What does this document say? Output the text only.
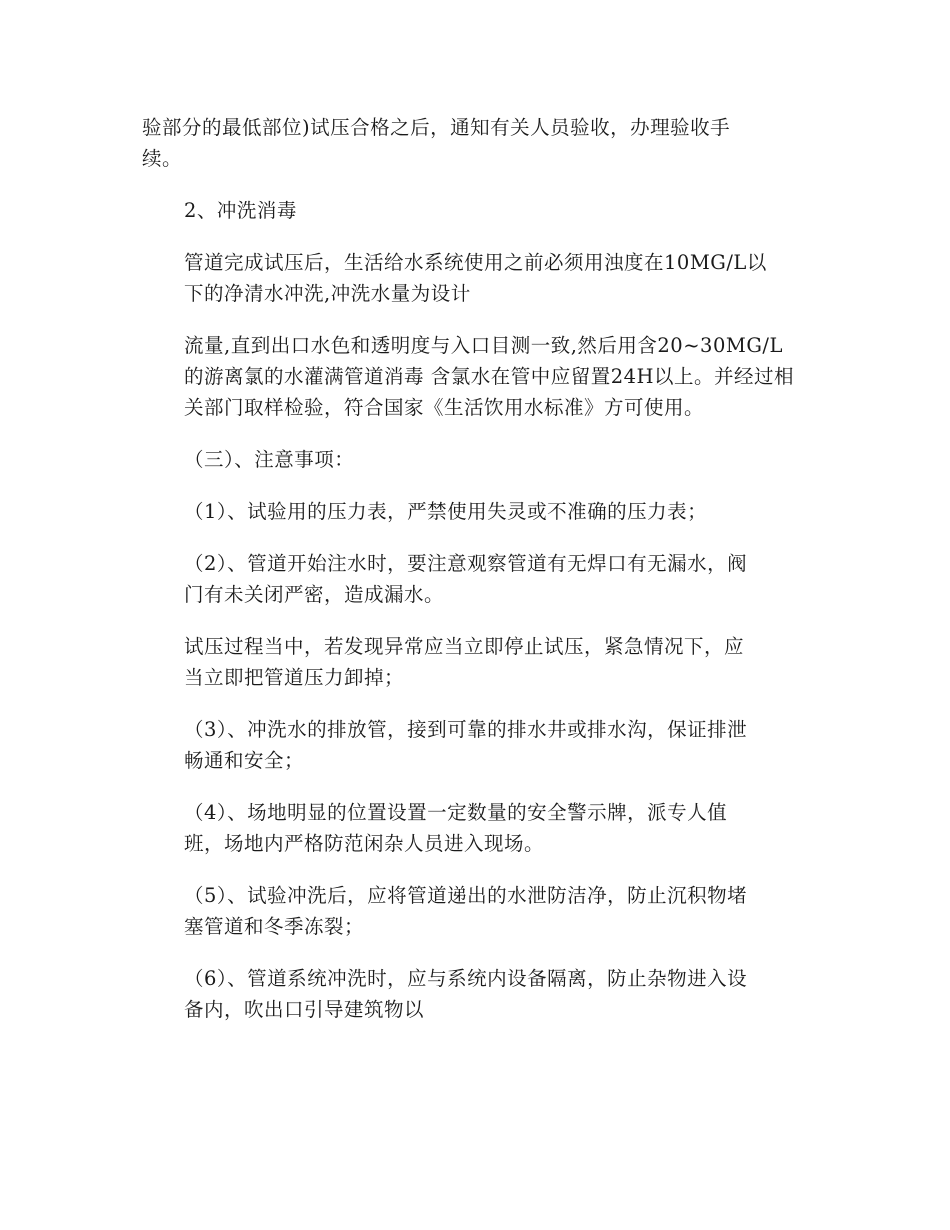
验部分的最低部位)试压合格之后，通知有关人员验收，办理验收手
续。

2、冲洗消毒

管道完成试压后，生活给水系统使用之前必须用浊度在10MG/L以
下的净清水冲洗,冲洗水量为设计

流量,直到出口水色和透明度与入口目测一致,然后用含20~30MG/L
的游离氯的水灌满管道消毒 含氯水在管中应留置24H以上。并经过相
关部门取样检验，符合国家《生活饮用水标准》方可使用。

（三）、注意事项：

（1）、试验用的压力表，严禁使用失灵或不准确的压力表；

（2）、管道开始注水时，要注意观察管道有无焊口有无漏水，阀
门有未关闭严密，造成漏水。

试压过程当中，若发现异常应当立即停止试压，紧急情况下，应
当立即把管道压力卸掉；

（3）、冲洗水的排放管，接到可靠的排水井或排水沟，保证排泄
畅通和安全；

（4）、场地明显的位置设置一定数量的安全警示牌，派专人值
班，场地内严格防范闲杂人员进入现场。

（5）、试验冲洗后，应将管道递出的水泄防洁净，防止沉积物堵
塞管道和冬季冻裂；

（6）、管道系统冲洗时，应与系统内设备隔离，防止杂物进入设
备内，吹出口引导建筑物以
